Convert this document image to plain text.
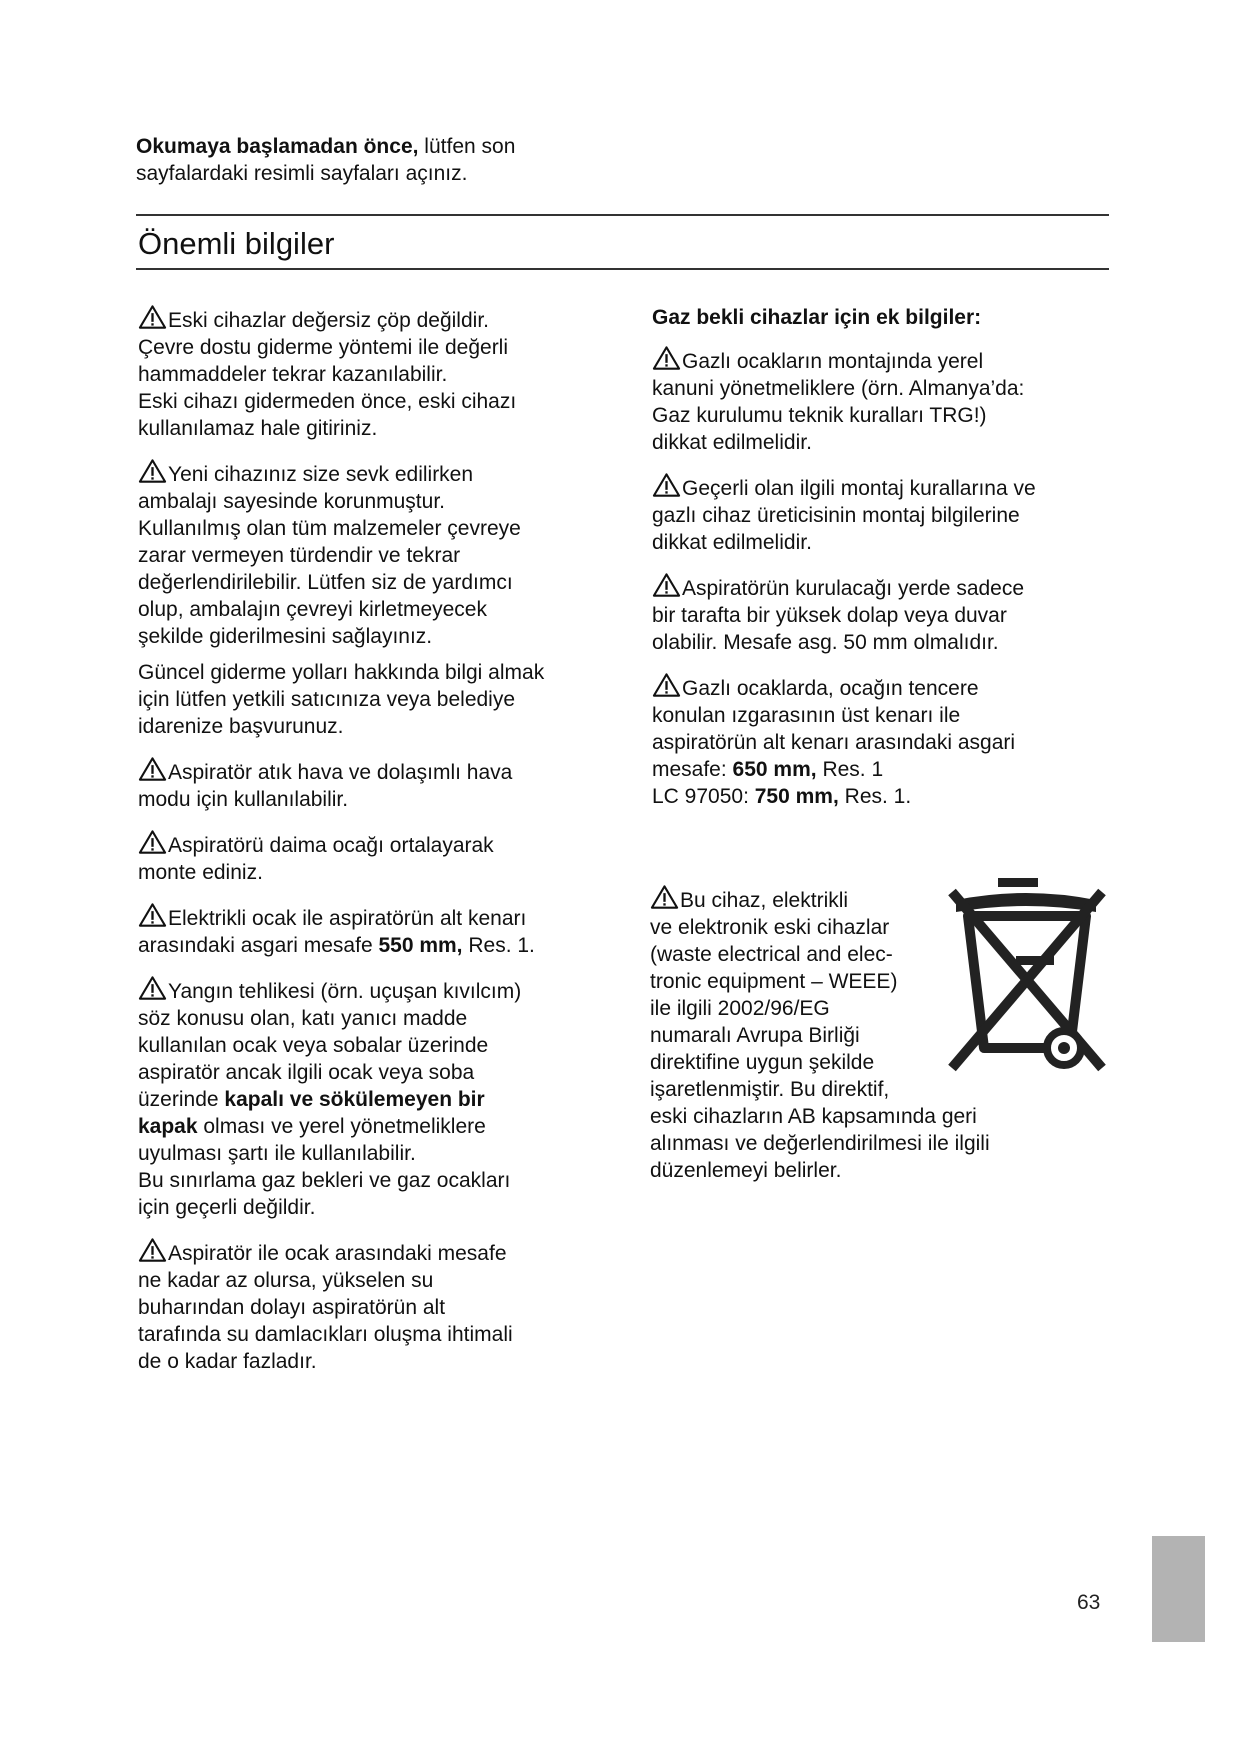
Okumaya başlamadan önce, lütfen son
sayfalardaki resimli sayfaları açınız.

Önemli bilgiler

Eski cihazlar değersiz çöp değildir.
Çevre dostu giderme yöntemi ile değerli
hammaddeler tekrar kazanılabilir.
Eski cihazı gidermeden önce, eski cihazı
kullanılamaz hale gitiriniz.

Yeni cihazınız size sevk edilirken
ambalajı sayesinde korunmuştur.
Kullanılmış olan tüm malzemeler çevreye
zarar vermeyen türdendir ve tekrar
değerlendirilebilir. Lütfen siz de yardımcı
olup, ambalajın çevreyi kirletmeyecek
şekilde giderilmesini sağlayınız.

Güncel giderme yolları hakkında bilgi almak
için lütfen yetkili satıcınıza veya belediye
idarenize başvurunuz.

Aspiratör atık hava ve dolaşımlı hava
modu için kullanılabilir.

Aspiratörü daima ocağı ortalayarak
monte ediniz.

Elektrikli ocak ile aspiratörün alt kenarı
arasındaki asgari mesafe 550 mm, Res. 1.

Yangın tehlikesi (örn. uçuşan kıvılcım)
söz konusu olan, katı yanıcı madde
kullanılan ocak veya sobalar üzerinde
aspiratör ancak ilgili ocak veya soba
üzerinde kapalı ve sökülemeyen bir
kapak olması ve yerel yönetmeliklere
uyulması şartı ile kullanılabilir.
Bu sınırlama gaz bekleri ve gaz ocakları
için geçerli değildir.

Aspiratör ile ocak arasındaki mesafe
ne kadar az olursa, yükselen su
buharından dolayı aspiratörün alt
tarafında su damlacıkları oluşma ihtimali
de o kadar fazladır.

Gaz bekli cihazlar için ek bilgiler:

Gazlı ocakların montajında yerel
kanuni yönetmeliklere (örn. Almanya’da:
Gaz kurulumu teknik kuralları TRG!)
dikkat edilmelidir.

Geçerli olan ilgili montaj kurallarına ve
gazlı cihaz üreticisinin montaj bilgilerine
dikkat edilmelidir.

Aspiratörün kurulacağı yerde sadece
bir tarafta bir yüksek dolap veya duvar
olabilir. Mesafe asg. 50 mm olmalıdır.

Gazlı ocaklarda, ocağın tencere
konulan ızgarasının üst kenarı ile
aspiratörün alt kenarı arasındaki asgari
mesafe: 650 mm, Res. 1
LC 97050: 750 mm, Res. 1.

Bu cihaz, elektrikli
ve elektronik eski cihazlar
(waste electrical and elec-
tronic equipment – WEEE)
ile ilgili 2002/96/EG
numaralı Avrupa Birliği
direktifine uygun şekilde
işaretlenmiştir. Bu direktif,
eski cihazların AB kapsamında geri
alınması ve değerlendirilmesi ile ilgili
düzenlemeyi belirler.

63
